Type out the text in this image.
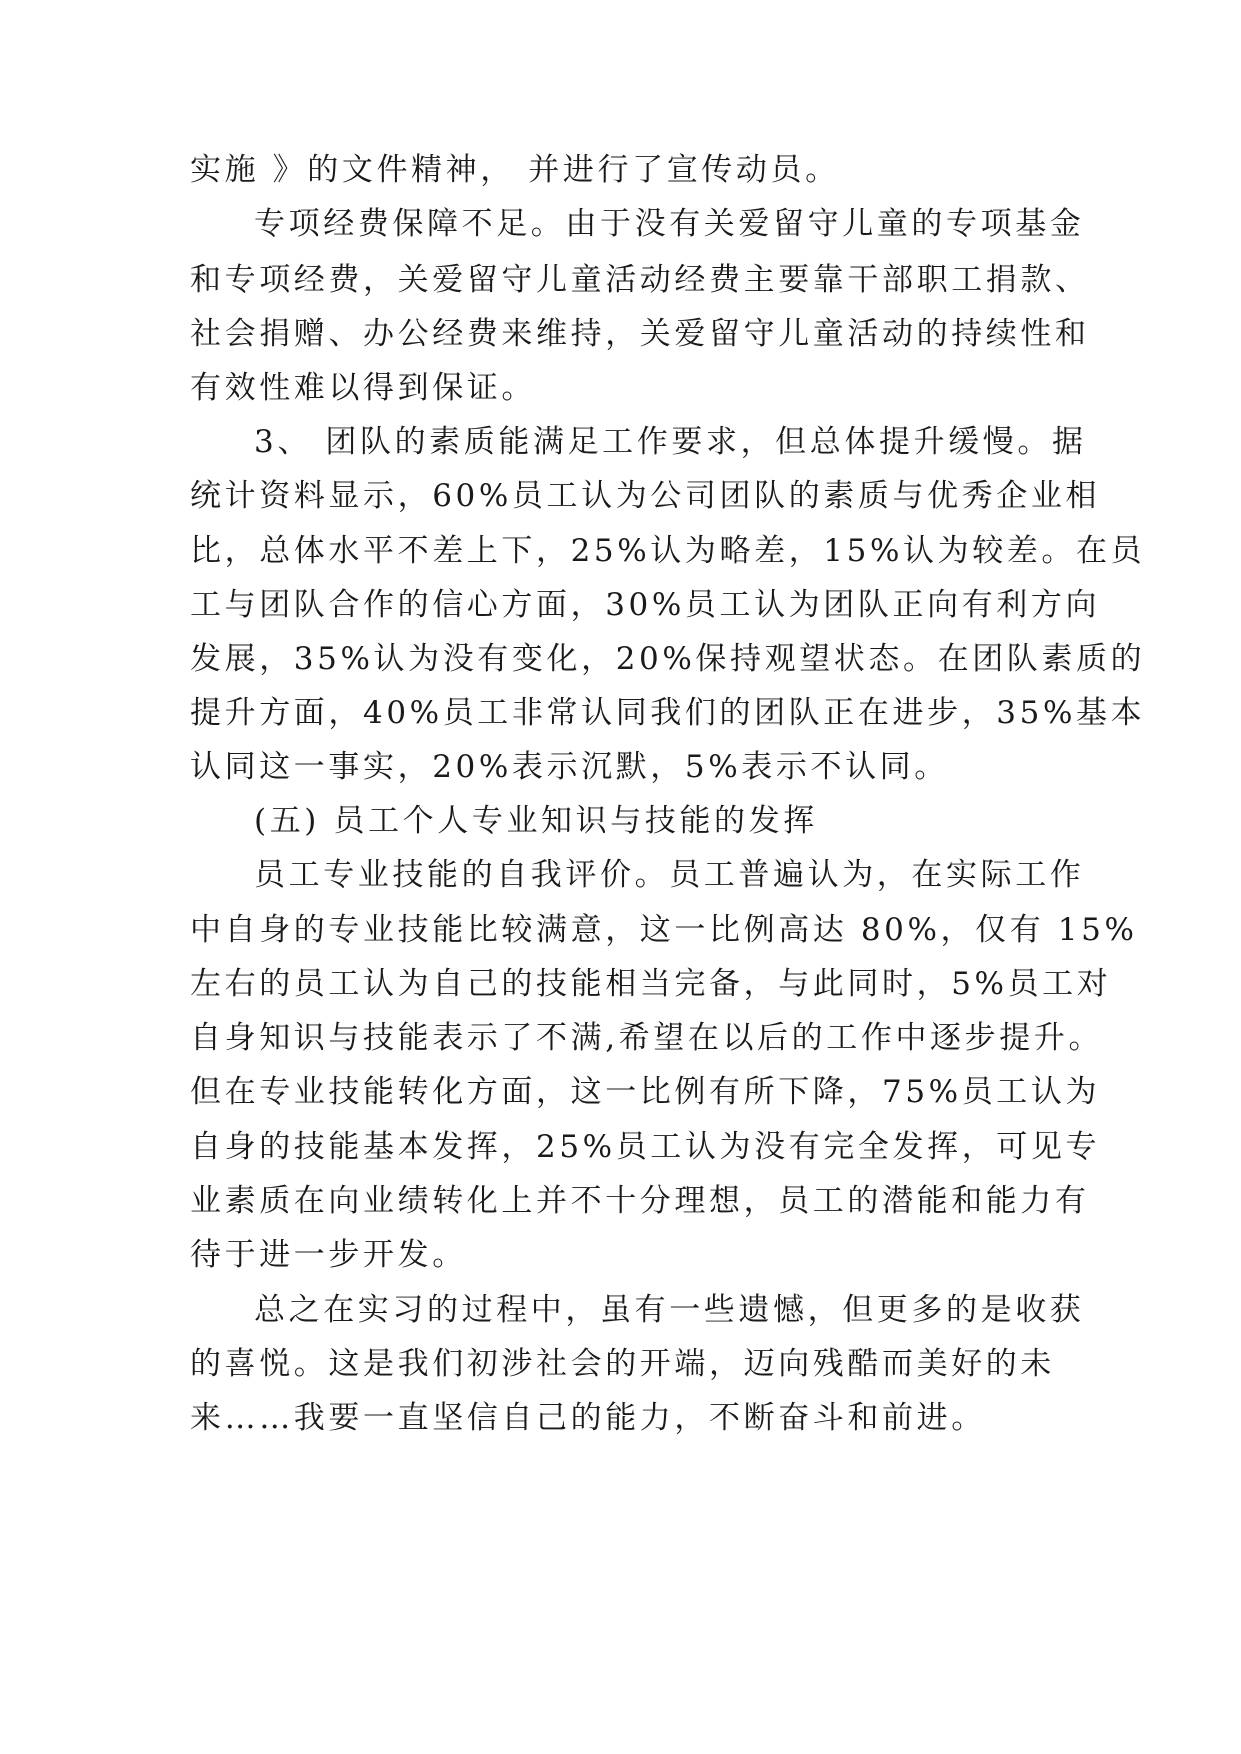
实施 》的文件精神， 并进行了宣传动员。
专项经费保障不足。由于没有关爱留守儿童的专项基金
和专项经费，关爱留守儿童活动经费主要靠干部职工捐款、
社会捐赠、办公经费来维持，关爱留守儿童活动的持续性和
有效性难以得到保证。
3、 团队的素质能满足工作要求，但总体提升缓慢。据
统计资料显示，60%员工认为公司团队的素质与优秀企业相
比，总体水平不差上下，25%认为略差，15%认为较差。在员
工与团队合作的信心方面，30%员工认为团队正向有利方向
发展，35%认为没有变化，20%保持观望状态。在团队素质的
提升方面，40%员工非常认同我们的团队正在进步，35%基本
认同这一事实，20%表示沉默，5%表示不认同。
(五) 员工个人专业知识与技能的发挥
员工专业技能的自我评价。员工普遍认为，在实际工作
中自身的专业技能比较满意，这一比例高达 80%，仅有 15%
左右的员工认为自己的技能相当完备，与此同时，5%员工对
自身知识与技能表示了不满,希望在以后的工作中逐步提升。
但在专业技能转化方面，这一比例有所下降，75%员工认为
自身的技能基本发挥，25%员工认为没有完全发挥，可见专
业素质在向业绩转化上并不十分理想，员工的潜能和能力有
待于进一步开发。
总之在实习的过程中，虽有一些遗憾，但更多的是收获
的喜悦。这是我们初涉社会的开端，迈向残酷而美好的未
来……我要一直坚信自己的能力，不断奋斗和前进。
